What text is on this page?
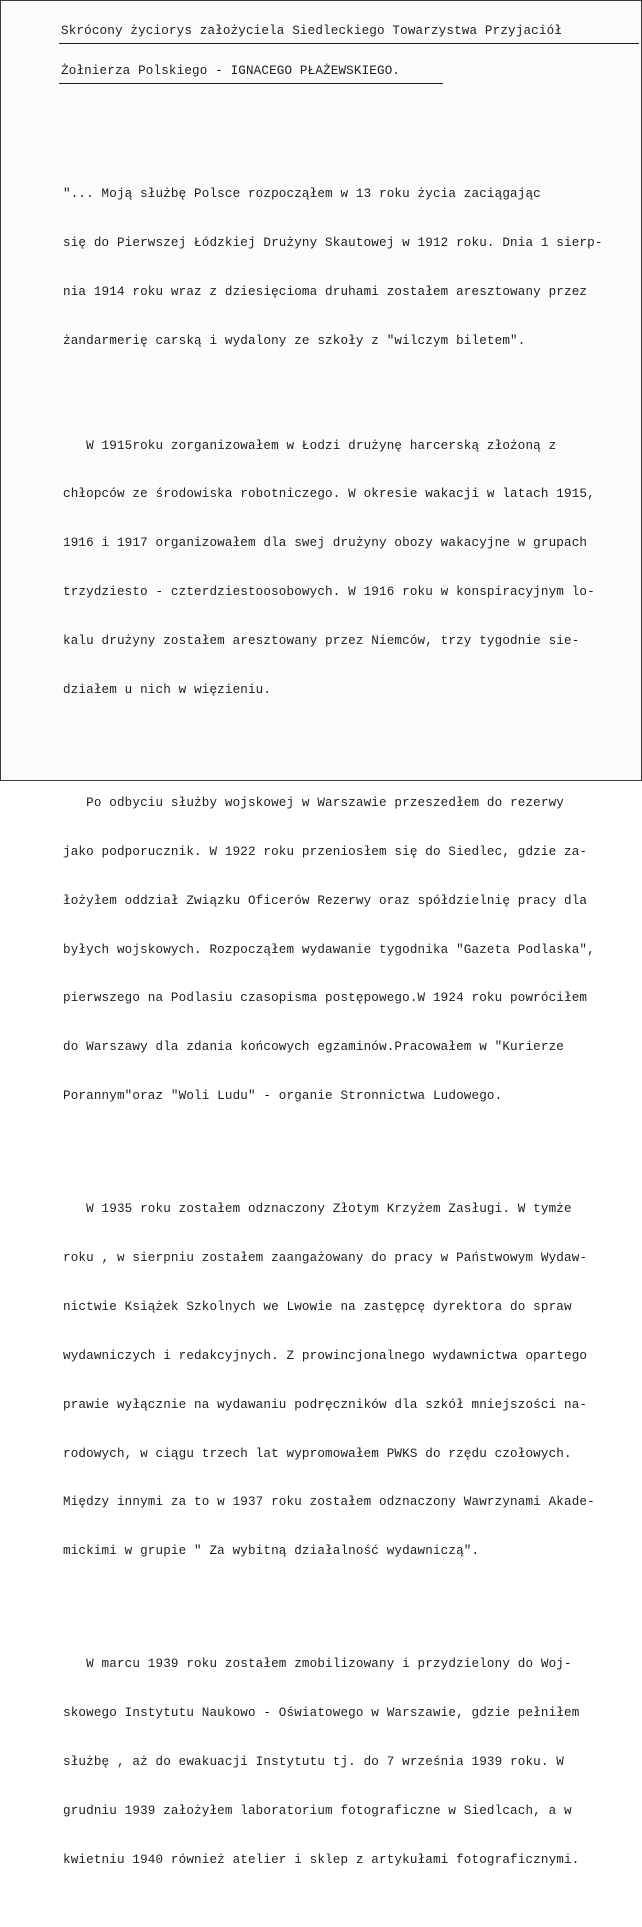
Skrócony życiorys założyciela Siedleckiego Towarzystwa Przyjaciół
Żołnierza Polskiego - IGNACEGO PŁAŻEWSKIEGO.

"... Moją służbę Polsce rozpocząłem w 13 roku życia zaciągając

się do Pierwszej Łódzkiej Drużyny Skautowej w 1912 roku. Dnia 1 sierp-

nia 1914 roku wraz z dziesięcioma druhami zostałem aresztowany przez

żandarmerię carską i wydalony ze szkoły z "wilczym biletem".

W 1915roku zorganizowałem w Łodzi drużynę harcerską złożoną z

chłopców ze środowiska robotniczego. W okresie wakacji w latach 1915,

1916 i 1917 organizowałem dla swej drużyny obozy wakacyjne w grupach

trzydziesto - czterdziestoosobowych. W 1916 roku w konspiracyjnym lo-

kalu drużyny zostałem aresztowany przez Niemców, trzy tygodnie sie-

działem u nich w więzieniu.

Po odbyciu służby wojskowej w Warszawie przeszedłem do rezerwy

jako podporucznik. W 1922 roku przeniosłem się do Siedlec, gdzie za-

łożyłem oddział Związku Oficerów Rezerwy oraz spółdzielnię pracy dla

byłych wojskowych. Rozpocząłem wydawanie tygodnika "Gazeta Podlaska",

pierwszego na Podlasiu czasopisma postępowego.W 1924 roku powróciłem

do Warszawy dla zdania końcowych egzaminów.Pracowałem w "Kurierze

Porannym"oraz "Woli Ludu" - organie Stronnictwa Ludowego.

W 1935 roku zostałem odznaczony Złotym Krzyżem Zasługi. W tymże

roku , w sierpniu zostałem zaangażowany do pracy w Państwowym Wydaw-

nictwie Książek Szkolnych we Lwowie na zastępcę dyrektora do spraw

wydawniczych i redakcyjnych. Z prowincjonalnego wydawnictwa opartego

prawie wyłącznie na wydawaniu podręczników dla szkół mniejszości na-

rodowych, w ciągu trzech lat wypromowałem PWKS do rzędu czołowych.

Między innymi za to w 1937 roku zostałem odznaczony Wawrzynami Akade-

mickimi w grupie " Za wybitną działalność wydawniczą".

W marcu 1939 roku zostałem zmobilizowany i przydzielony do Woj-

skowego Instytutu Naukowo - Oświatowego w Warszawie, gdzie pełniłem

służbę , aż do ewakuacji Instytutu tj. do 7 września 1939 roku. W

grudniu 1939 założyłem laboratorium fotograficzne w Siedlcach, a w

kwietniu 1940 również atelier i sklep z artykułami fotograficznymi.
